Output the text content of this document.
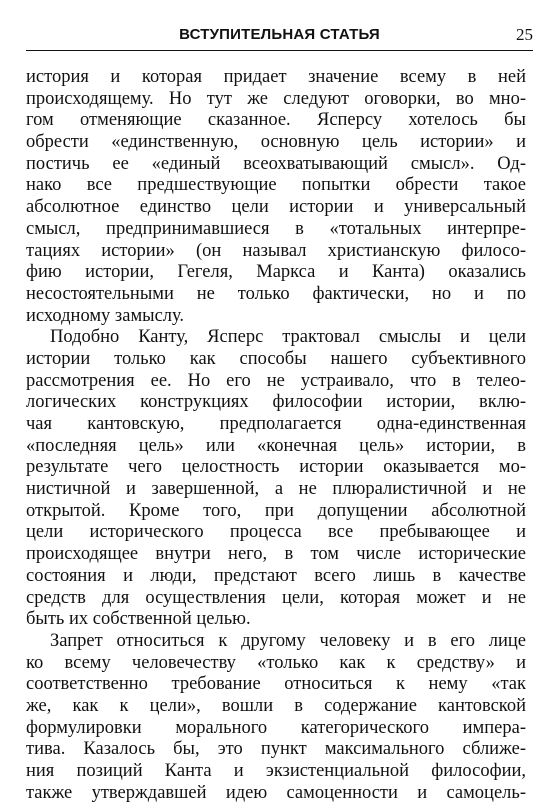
ВСТУПИТЕЛЬНАЯ СТАТЬЯ	25
история и которая придает значение всему в ней
происходящему. Но тут же следуют оговорки, во мно-
гом отменяющие сказанное. Ясперсу хотелось бы
обрести «единственную, основную цель истории» и
постичь ее «единый всеохватывающий смысл». Од-
нако все предшествующие попытки обрести такое
абсолютное единство цели истории и универсальный
смысл, предпринимавшиеся в «тотальных интерпре-
тациях истории» (он называл христианскую филосо-
фию истории, Гегеля, Маркса и Канта) оказались
несостоятельными не только фактически, но и по
исходному замыслу.
Подобно Канту, Ясперс трактовал смыслы и цели
истории только как способы нашего субъективного
рассмотрения ее. Но его не устраивало, что в телео-
логических конструкциях философии истории, вклю-
чая кантовскую, предполагается одна-единственная
«последняя цель» или «конечная цель» истории, в
результате чего целостность истории оказывается мо-
нистичной и завершенной, а не плюралистичной и не
открытой. Кроме того, при допущении абсолютной
цели исторического процесса все пребывающее и
происходящее внутри него, в том числе исторические
состояния и люди, предстают всего лишь в качестве
средств для осуществления цели, которая может и не
быть их собственной целью.
Запрет относиться к другому человеку и в его лице
ко всему человечеству «только как к средству» и
соответственно требование относиться к нему «так
же, как к цели», вошли в содержание кантовской
формулировки морального категорического импера-
тива. Казалось бы, это пункт максимального сближе-
ния позиций Канта и экзистенциальной философии,
также утверждавшей идею самоценности и самоцель-
